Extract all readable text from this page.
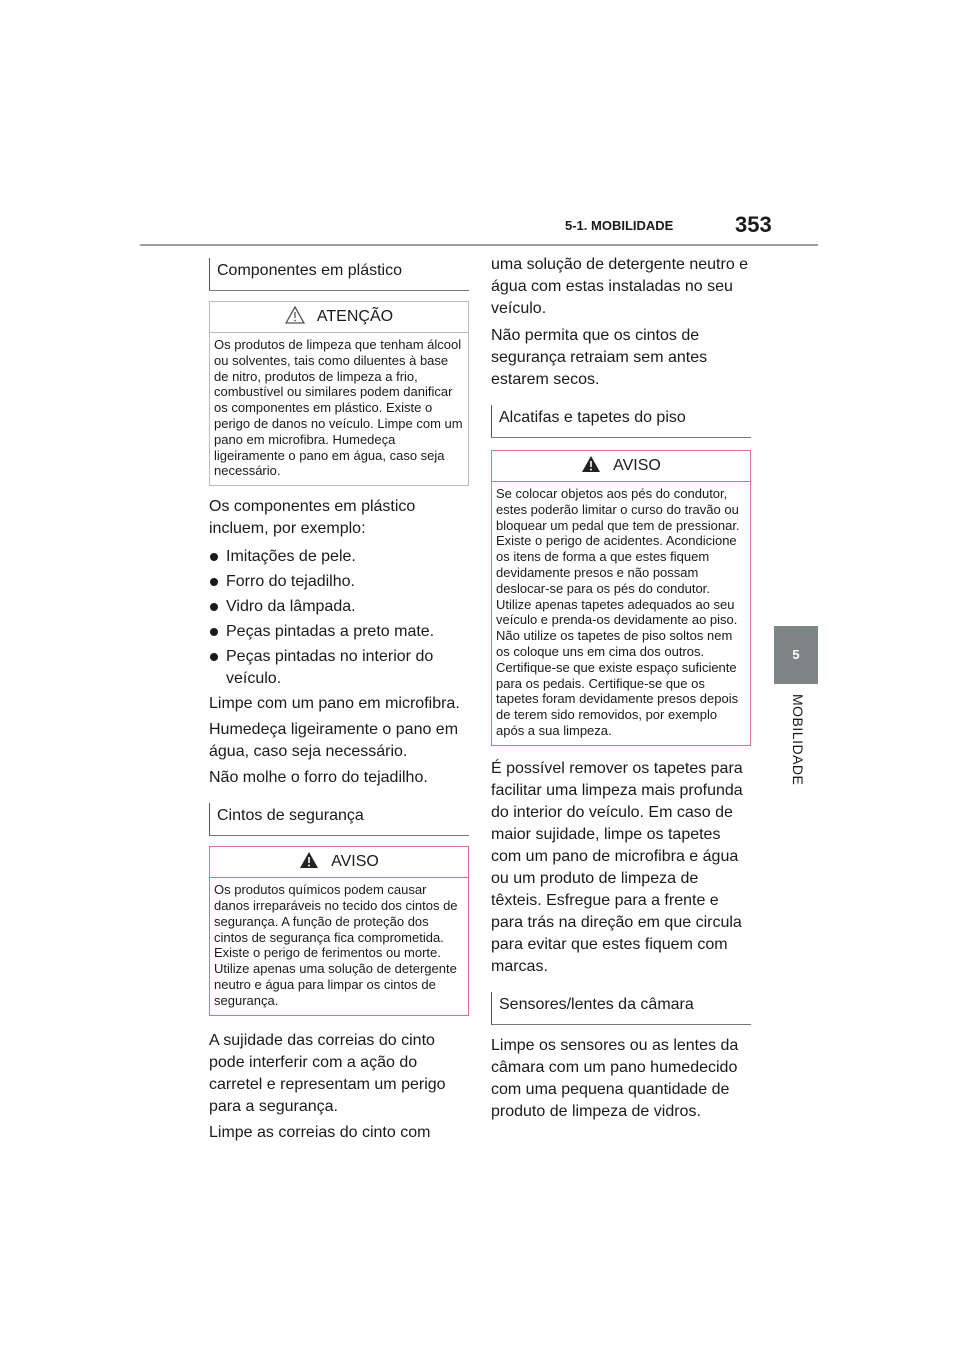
5-1. MOBILIDADE	353
5
MOBILIDADE
Componentes em plástico
ATENÇÃO
Os produtos de limpeza que tenham álcool ou solventes, tais como diluentes à base de nitro, produtos de limpeza a frio, combustível ou similares podem danificar os componentes em plástico. Existe o perigo de danos no veículo. Limpe com um pano em microfibra. Humedeça ligeiramente o pano em água, caso seja necessário.

Os componentes em plástico incluem, por exemplo:

Imitações de pele.
Forro do tejadilho.
Vidro da lâmpada.
Peças pintadas a preto mate.
Peças pintadas no interior do veículo.

Limpe com um pano em microfibra.

Humedeça ligeiramente o pano em água, caso seja necessário.

Não molhe o forro do tejadilho.

Cintos de segurança
AVISO
Os produtos químicos podem causar danos irreparáveis no tecido dos cintos de segurança. A função de proteção dos cintos de segurança fica comprometida. Existe o perigo de ferimentos ou morte. Utilize apenas uma solução de detergente neutro e água para limpar os cintos de segurança.

A sujidade das correias do cinto pode interferir com a ação do carretel e representam um perigo para a segurança.

Limpe as correias do cinto com

uma solução de detergente neutro e água com estas instaladas no seu veículo.

Não permita que os cintos de segurança retraiam sem antes estarem secos.

Alcatifas e tapetes do piso
AVISO
Se colocar objetos aos pés do condutor, estes poderão limitar o curso do travão ou bloquear um pedal que tem de pressionar. Existe o perigo de acidentes. Acondicione os itens de forma a que estes fiquem devidamente presos e não possam deslocar-se para os pés do condutor. Utilize apenas tapetes adequados ao seu veículo e prenda-os devidamente ao piso. Não utilize os tapetes de piso soltos nem os coloque uns em cima dos outros. Certifique-se que existe espaço suficiente para os pedais. Certifique-se que os tapetes foram devidamente presos depois de terem sido removidos, por exemplo após a sua limpeza.

É possível remover os tapetes para facilitar uma limpeza mais profunda do interior do veículo. Em caso de maior sujidade, limpe os tapetes com um pano de microfibra e água ou um produto de limpeza de têxteis. Esfregue para a frente e para trás na direção em que circula para evitar que estes fiquem com marcas.

Sensores/lentes da câmara

Limpe os sensores ou as lentes da câmara com um pano humedecido com uma pequena quantidade de produto de limpeza de vidros.
